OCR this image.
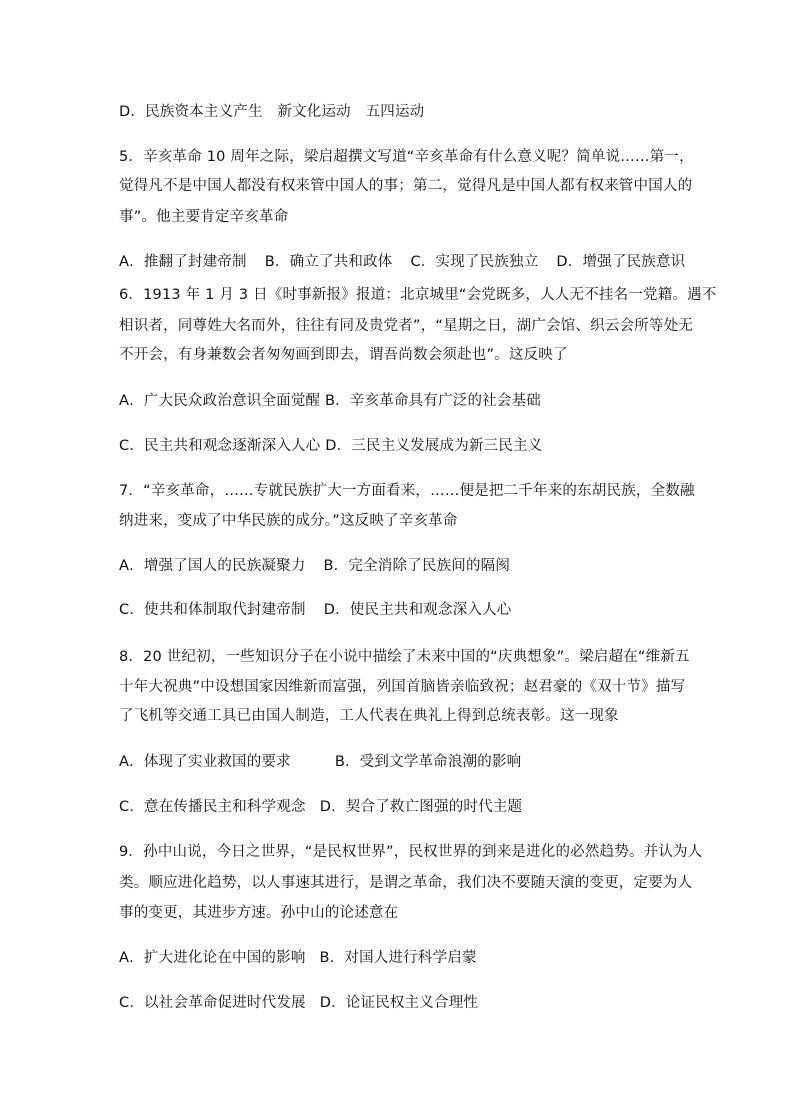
D．民族资本主义产生　新文化运动　五四运动
5．辛亥革命 10 周年之际，梁启超撰文写道“辛亥革命有什么意义呢？简单说……第一，
觉得凡不是中国人都没有权来管中国人的事；第二，觉得凡是中国人都有权来管中国人的
事”。他主要肯定辛亥革命
A．推翻了封建帝制 B．确立了共和政体 C．实现了民族独立 D．增强了民族意识
6．1913 年 1 月 3 日《时事新报》报道：北京城里“会党既多，人人无不挂名一党籍。遇不
相识者，同尊姓大名而外，往往有同及贵党者”，“星期之日，湖广会馆、织云会所等处无
不开会，有身兼数会者匆匆画到即去，谓吾尚数会须赴也”。这反映了
A．广大民众政治意识全面觉醒 B．辛亥革命具有广泛的社会基础
C．民主共和观念逐渐深入人心 D．三民主义发展成为新三民主义
7．“辛亥革命，……专就民族扩大一方面看来，……便是把二千年来的东胡民族，全数融
纳进来，变成了中华民族的成分。”这反映了辛亥革命
A．增强了国人的民族凝聚力 B．完全消除了民族间的隔阂
C．使共和体制取代封建帝制 D．使民主共和观念深入人心
8．20 世纪初，一些知识分子在小说中描绘了未来中国的“庆典想象”。梁启超在“维新五
十年大祝典”中设想国家因维新而富强，列国首脑皆亲临致祝；赵君豪的《双十节》描写
了飞机等交通工具已由国人制造，工人代表在典礼上得到总统表彰。这一现象
A．体现了实业救国的要求	B．受到文学革命浪潮的影响
C．意在传播民主和科学观念 D．契合了救亡图强的时代主题
9．孙中山说，今日之世界，“是民权世界”，民权世界的到来是进化的必然趋势。并认为人
类。顺应进化趋势，以人事速其进行，是谓之革命，我们决不要随天演的变更，定要为人
事的变更，其进步方速。孙中山的论述意在
A．扩大进化论在中国的影响 B．对国人进行科学启蒙
C．以社会革命促进时代发展 D．论证民权主义合理性
